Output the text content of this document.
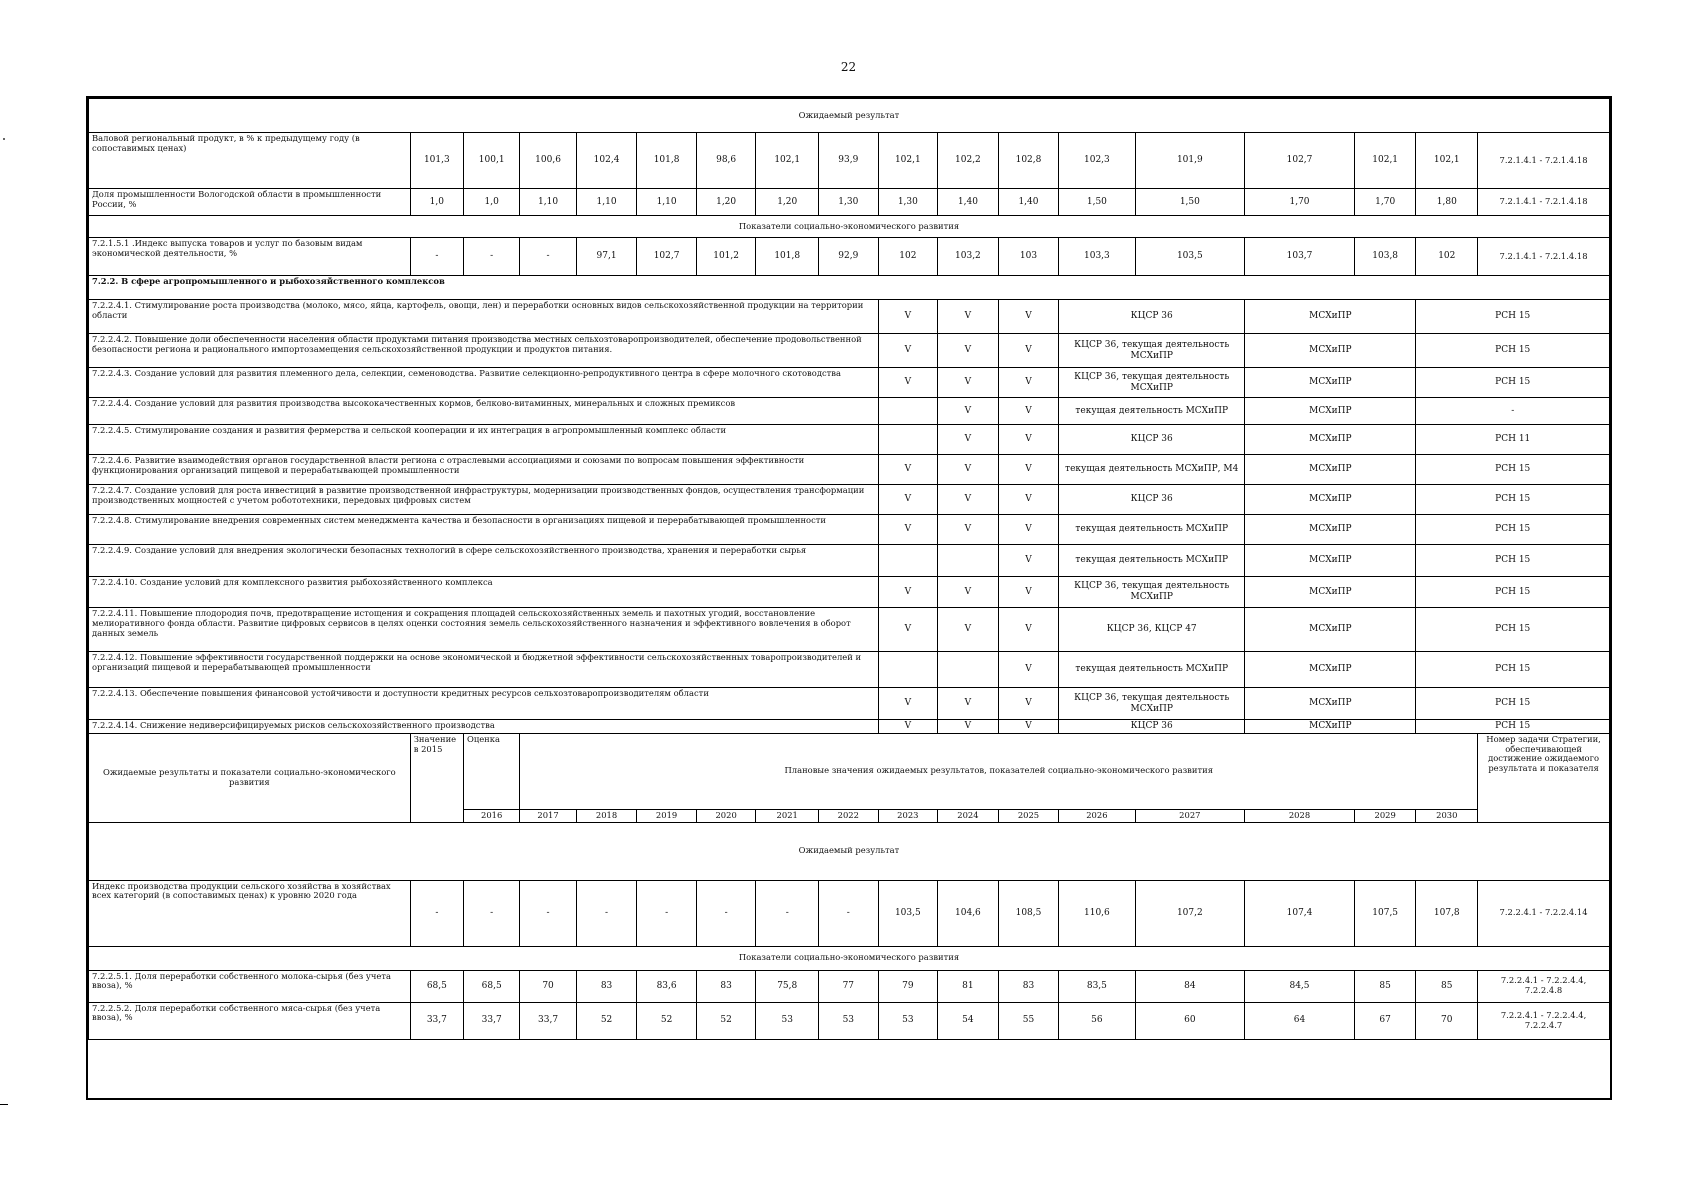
22
Ожидаемый результат																	
Валовой региональный продукт, в % к предыдущему году (в сопоставимых ценах)	101,3	100,1	100,6	102,4	101,8	98,6	102,1	93,9	102,1	102,2	102,8	102,3	101,9	102,7	102,1	102,1	7.2.1.4.1 - 7.2.1.4.18
Доля промышленности Вологодской области в промышленности России, %	1,0	1,0	1,10	1,10	1,10	1,20	1,20	1,30	1,30	1,40	1,40	1,50	1,50	1,70	1,70	1,80	7.2.1.4.1 - 7.2.1.4.18
Показатели социально-экономического развития																	
7.2.1.5.1 .Индекс выпуска товаров и услуг по базовым видам экономической деятельности, %	-	-	-	97,1	102,7	101,2	101,8	92,9	102	103,2	103	103,3	103,5	103,7	103,8	102	7.2.1.4.1 - 7.2.1.4.18
7.2.2. В сфере агропромышленного и рыбохозяйственного комплексов																	
7.2.2.4.1. Стимулирование роста производства (молоко, мясо, яйца, картофель, овощи, лен) и переработки основных видов сельскохозяйственной продукции на территории области									V	V	V	КЦСР 36		МСХиПР		РСН 15	
7.2.2.4.2. Повышение доли обеспеченности населения области продуктами питания производства местных сельхозтоваропроизводителей, обеспечение продовольственной безопасности региона и рационального импортозамещения сельскохозяйственной продукции и продуктов питания.									V	V	V	КЦСР 36, текущая деятельность МСХиПР		МСХиПР		РСН 15	
7.2.2.4.3. Создание условий для развития племенного дела, селекции, семеноводства. Развитие селекционно-репродуктивного центра в сфере молочного скотоводства									V	V	V	КЦСР 36, текущая деятельность МСХиПР		МСХиПР		РСН 15	
7.2.2.4.4. Создание условий для развития производства высококачественных кормов, белково-витаминных, минеральных и сложных премиксов										V	V	текущая деятельность МСХиПР		МСХиПР		-	
7.2.2.4.5. Стимулирование создания и развития фермерства и сельской кооперации и их интеграция в агропромышленный комплекс области										V	V	КЦСР 36		МСХиПР		РСН 11	
7.2.2.4.6. Развитие взаимодействия органов государственной власти региона с отраслевыми ассоциациями и союзами по вопросам повышения эффективности функционирования организаций пищевой и перерабатывающей промышленности									V	V	V	текущая деятельность МСХиПР, М4		МСХиПР		РСН 15	
7.2.2.4.7. Создание условий для роста инвестиций в развитие производственной инфраструктуры, модернизации производственных фондов, осуществления трансформации производственных мощностей с учетом робототехники, передовых цифровых систем									V	V	V	КЦСР 36		МСХиПР		РСН 15	
7.2.2.4.8. Стимулирование внедрения современных систем менеджмента качества и безопасности в организациях пищевой и перерабатывающей промышленности									V	V	V	текущая деятельность МСХиПР		МСХиПР		РСН 15	
7.2.2.4.9. Создание условий для внедрения экологически безопасных технологий в сфере сельскохозяйственного производства, хранения и переработки сырья											V	текущая деятельность МСХиПР		МСХиПР		РСН 15	
7.2.2.4.10. Создание условий для комплексного развития рыбохозяйственного комплекса									V	V	V	КЦСР 36, текущая деятельность МСХиПР		МСХиПР		РСН 15	
7.2.2.4.11. Повышение плодородия почв, предотвращение истощения и сокращения площадей сельскохозяйственных земель и пахотных угодий, восстановление мелиоративного фонда области. Развитие цифровых сервисов в целях оценки состояния земель сельскохозяйственного назначения и эффективного вовлечения в оборот данных земель									V	V	V	КЦСР 36, КЦСР 47		МСХиПР		РСН 15	
7.2.2.4.12. Повышение эффективности государственной поддержки на основе экономической и бюджетной эффективности сельскохозяйственных товаропроизводителей и организаций пищевой и перерабатывающей промышленности											V	текущая деятельность МСХиПР		МСХиПР		РСН 15	
7.2.2.4.13. Обеспечение повышения финансовой устойчивости и доступности кредитных ресурсов сельхозтоваропроизводителям области									V	V	V	КЦСР 36, текущая деятельность МСХиПР		МСХиПР		РСН 15	
7.2.2.4.14. Снижение недиверсифицируемых рисков сельскохозяйственного производства									V	V	V	КЦСР 36		МСХиПР		РСН 15	
Ожидаемые результаты и показатели социально-экономического развития	Значение в 2015	Оценка	Плановые значения ожидаемых результатов, показателей социально-экономического развития														Номер задачи Стратегии, обеспечивающей достижение ожидаемого результата и показателя
		2016	2017	2018	2019	2020	2021	2022	2023	2024	2025	2026	2027	2028	2029	2030	
Ожидаемый результат																	
Индекс производства продукции сельского хозяйства в хозяйствах всех категорий (в сопоставимых ценах) к уровню 2020 года	-	-	-	-	-	-	-	-	103,5	104,6	108,5	110,6	107,2	107,4	107,5	107,8	7.2.2.4.1 - 7.2.2.4.14
Показатели социально-экономического развития																	
7.2.2.5.1. Доля переработки собственного молока-сырья (без учета ввоза), %	68,5	68,5	70	83	83,6	83	75,8	77	79	81	83	83,5	84	84,5	85	85	7.2.2.4.1 - 7.2.2.4.4, 7.2.2.4.8
7.2.2.5.2. Доля переработки собственного мяса-сырья (без учета ввоза), %	33,7	33,7	33,7	52	52	52	53	53	53	54	55	56	60	64	67	70	7.2.2.4.1 - 7.2.2.4.4, 7.2.2.4.7
